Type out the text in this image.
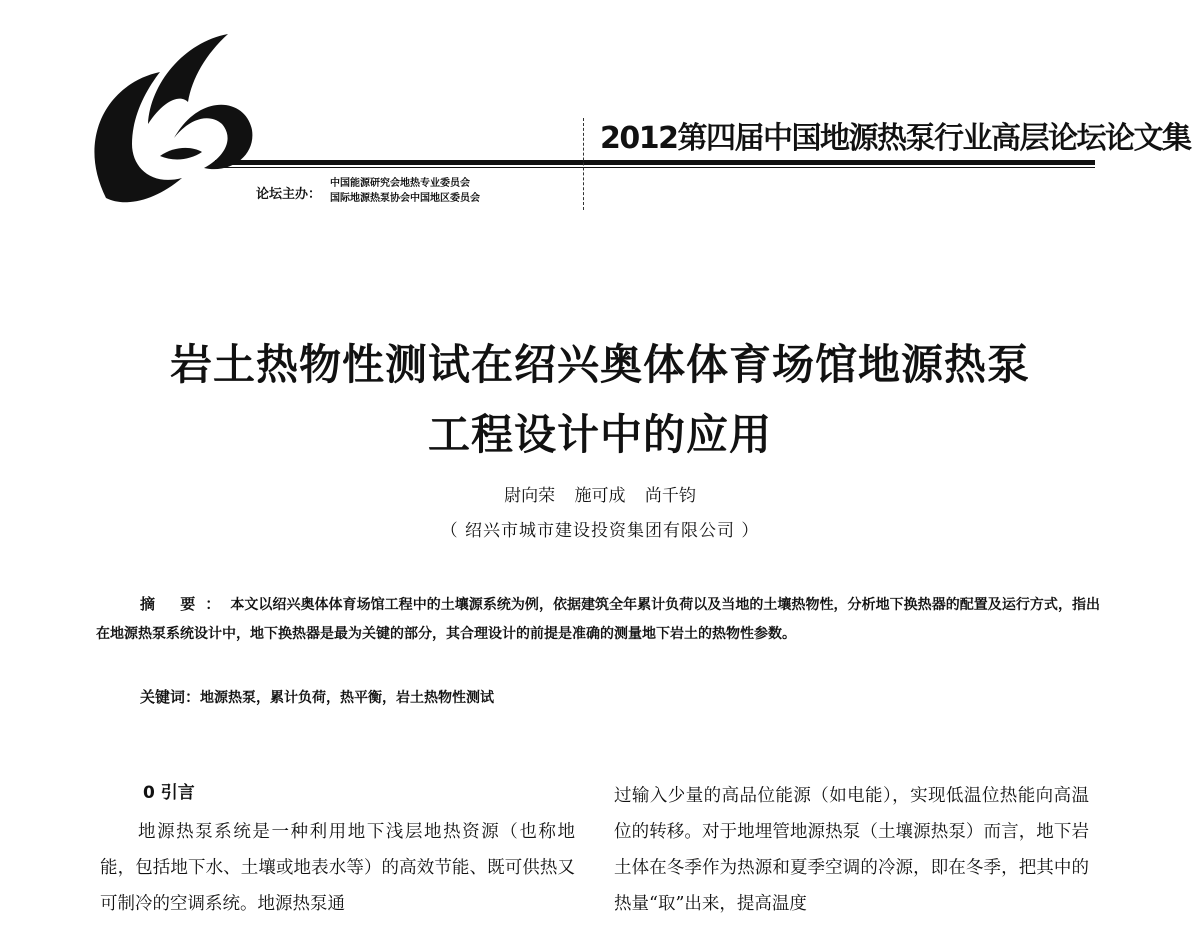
2012第四届中国地源热泵行业高层论坛论文集
论坛主办：
中国能源研究会地热专业委员会
国际地源热泵协会中国地区委员会
岩土热物性测试在绍兴奥体体育场馆地源热泵
工程设计中的应用
尉向荣 施可成 尚千钧
（ 绍兴市城市建设投资集团有限公司 ）
摘 要：本文以绍兴奥体体育场馆工程中的土壤源系统为例，依据建筑全年累计负荷以及当地的土壤热物性，分析地下换热器的配置及运行方式，指出在地源热泵系统设计中，地下换热器是最为关键的部分，其合理设计的前提是准确的测量地下岩土的热物性参数。
关键词：地源热泵，累计负荷，热平衡，岩土热物性测试
0 引言
地源热泵系统是一种利用地下浅层地热资源（也称地能，包括地下水、土壤或地表水等）的高效节能、既可供热又可制冷的空调系统。地源热泵通
过输入少量的高品位能源（如电能），实现低温位热能向高温位的转移。对于地埋管地源热泵（土壤源热泵）而言，地下岩土体在冬季作为热源和夏季空调的冷源，即在冬季，把其中的热量“取”出来，提高温度
